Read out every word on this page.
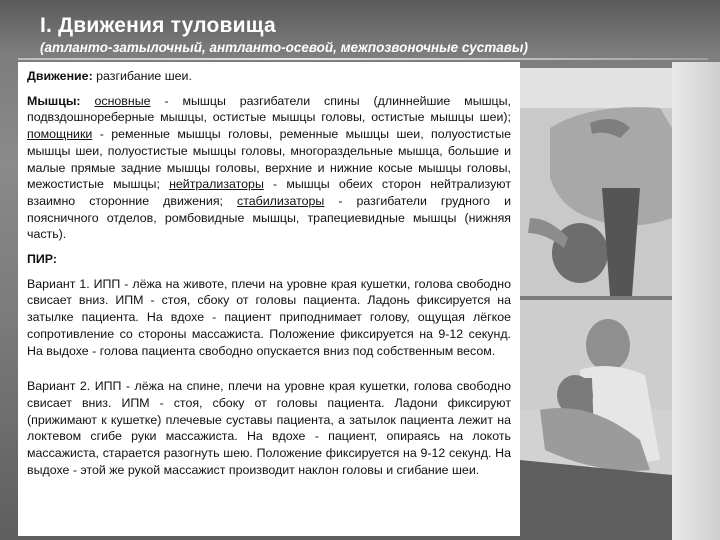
I. Движения туловища
(атланто-затылочный, антланто-осевой, межпозвоночные суставы)

Движение: разгибание шеи.

Мышцы: основные - мышцы разгибатели спины (длиннейшие мышцы, подвздошнореберные мышцы, остистые мышцы головы, остистые мышцы шеи); помощники - ременные мышцы головы, ременные мышцы шеи, полуостистые мышцы шеи, полуостистые мышцы головы, многораздельные мышца, большие и малые прямые задние мышцы головы, верхние и нижние косые мышцы головы, межостистые мышцы; нейтрализаторы - мышцы обеих сторон нейтрализуют взаимно сторонние движения; стабилизаторы - разгибатели грудного и поясничного отделов, ромбовидные мышцы, трапециевидные мышцы (нижняя часть).

ПИР:

Вариант 1. ИПП - лёжа на животе, плечи на уровне края кушетки, голова свободно свисает вниз. ИПМ - стоя, сбоку от головы пациента. Ладонь фиксируется на затылке пациента. На вдохе - пациент приподнимает голову, ощущая лёгкое сопротивление со стороны массажиста. Положение фиксируется на 9-12 секунд. На выдохе - голова пациента свободно опускается вниз под собственным весом.

Вариант 2. ИПП - лёжа на спине, плечи на уровне края кушетки, голова свободно свисает вниз. ИПМ - стоя, сбоку от головы пациента. Ладони фиксируют (прижимают к кушетке) плечевые суставы пациента, а затылок пациента лежит на локтевом сгибе руки массажиста. На вдохе - пациент, опираясь на локоть массажиста, старается разогнуть шею. Положение фиксируется на 9-12 секунд. На выдохе - этой же рукой массажист производит наклон головы и сгибание шеи.
